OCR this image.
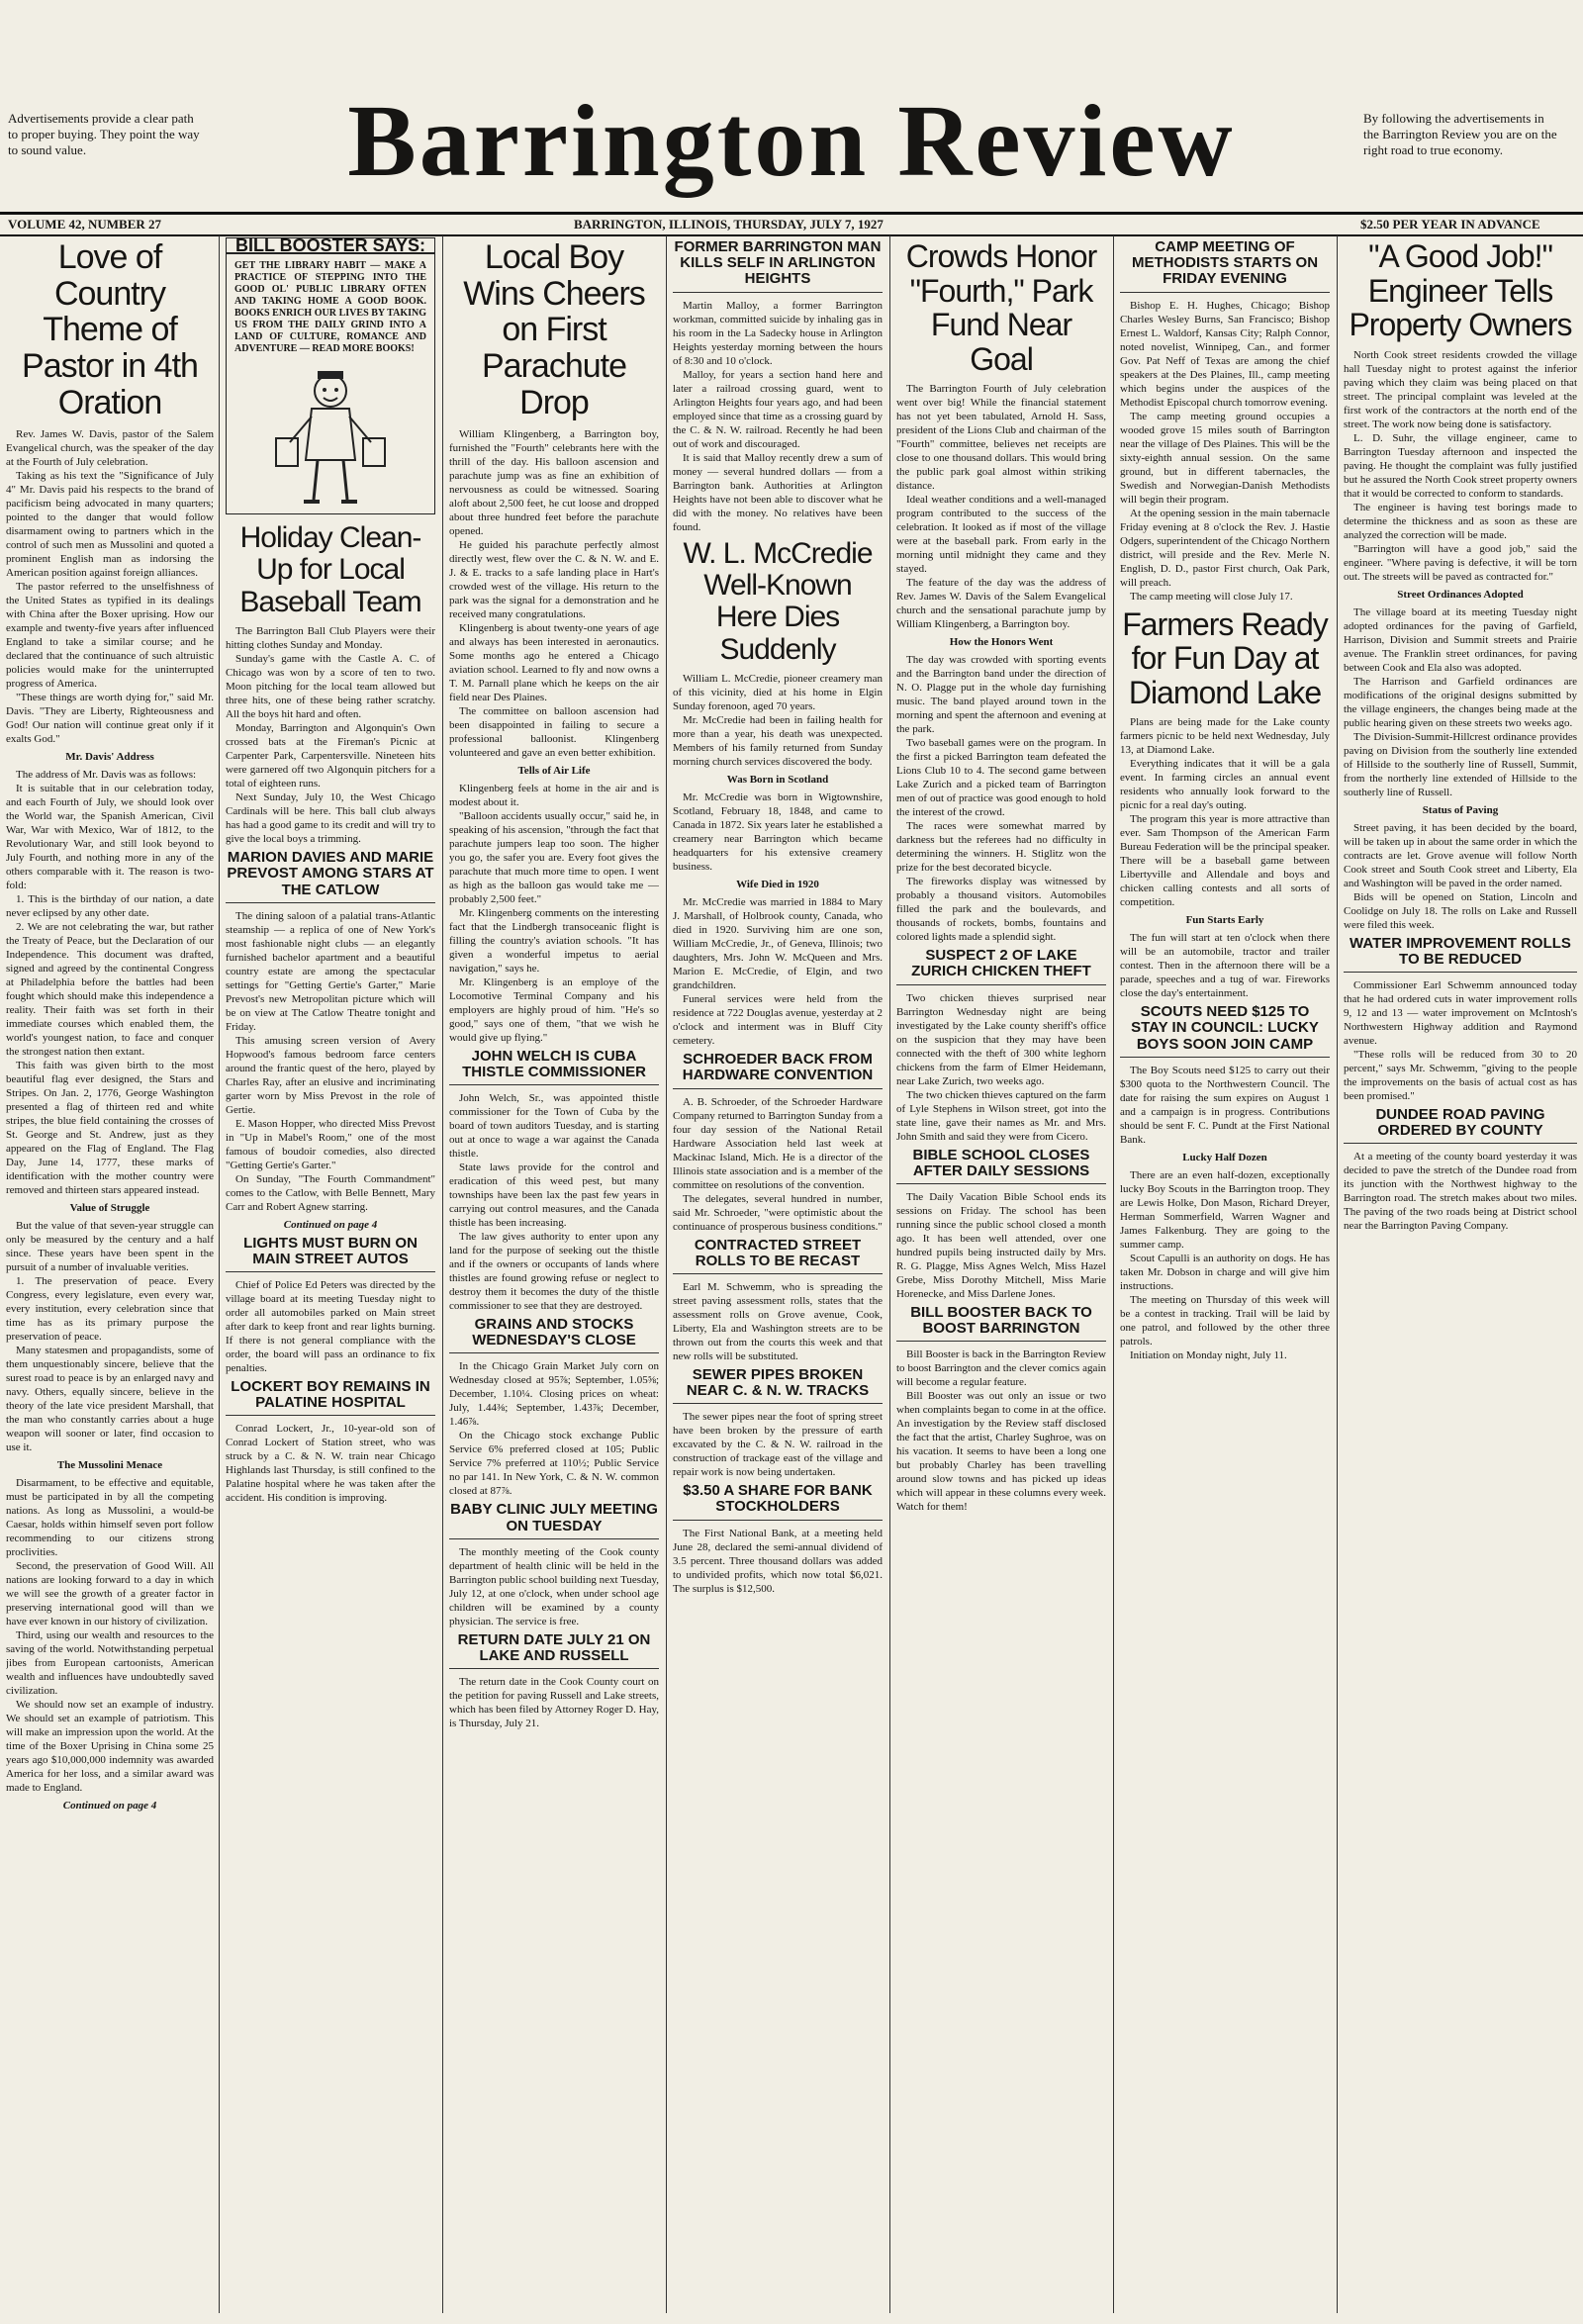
Advertisements provide a clear path to proper buying. They point the way to sound value.	Barrington Review	By following the advertisements in the Barrington Review you are on the right road to true economy.
VOLUME 42, NUMBER 27	BARRINGTON, ILLINOIS, THURSDAY, JULY 7, 1927	$2.50 PER YEAR IN ADVANCE
Love of Country Theme of Pastor in 4th Oration

Rev. James W. Davis, pastor of the Salem Evangelical church, was the speaker of the day at the Fourth of July celebration.

Taking as his text the "Significance of July 4" Mr. Davis paid his respects to the brand of pacificism being advocated in many quarters; pointed to the danger that would follow disarmament owing to partners which in the control of such men as Mussolini and quoted a prominent English man as indorsing the American position against foreign alliances.

The pastor referred to the unselfishness of the United States as typified in its dealings with China after the Boxer uprising. How our example and twenty-five years after influenced England to take a similar course; and he declared that the continuance of such altruistic policies would make for the uninterrupted progress of America.

"These things are worth dying for," said Mr. Davis. "They are Liberty, Righteousness and God! Our nation will continue great only if it exalts God."

Mr. Davis' Address

The address of Mr. Davis was as follows:

It is suitable that in our celebration today, and each Fourth of July, we should look over the World war, the Spanish American, Civil War, War with Mexico, War of 1812, to the Revolutionary War, and still look beyond to July Fourth, and nothing more in any of the others comparable with it. The reason is two-fold:

1. This is the birthday of our nation, a date never eclipsed by any other date.

2. We are not celebrating the war, but rather the Treaty of Peace, but the Declaration of our Independence. This document was drafted, signed and agreed by the continental Congress at Philadelphia before the battles had been fought which should make this independence a reality. Their faith was set forth in their immediate courses which enabled them, the world's youngest nation, to face and conquer the strongest nation then extant.

This faith was given birth to the most beautiful flag ever designed, the Stars and Stripes. On Jan. 2, 1776, George Washington presented a flag of thirteen red and white stripes, the blue field containing the crosses of St. George and St. Andrew, just as they appeared on the Flag of England. The Flag Day, June 14, 1777, these marks of identification with the mother country were removed and thirteen stars appeared instead.

Value of Struggle

But the value of that seven-year struggle can only be measured by the century and a half since. These years have been spent in the pursuit of a number of invaluable verities.

1. The preservation of peace. Every Congress, every legislature, even every war, every institution, every celebration since that time has as its primary purpose the preservation of peace.

Many statesmen and propagandists, some of them unquestionably sincere, believe that the surest road to peace is by an enlarged navy and navy. Others, equally sincere, believe in the theory of the late vice president Marshall, that the man who constantly carries about a huge weapon will sooner or later, find occasion to use it.

The Mussolini Menace

Disarmament, to be effective and equitable, must be participated in by all the competing nations. As long as Mussolini, a would-be Caesar, holds within himself seven port follow recommending to our citizens strong proclivities.

Second, the preservation of Good Will. All nations are looking forward to a day in which we will see the growth of a greater factor in preserving international good will than we have ever known in our history of civilization.

Third, using our wealth and resources to the saving of the world. Notwithstanding perpetual jibes from European cartoonists, American wealth and influences have undoubtedly saved civilization.

We should now set an example of industry. We should set an example of patriotism. This will make an impression upon the world. At the time of the Boxer Uprising in China some 25 years ago $10,000,000 indemnity was awarded America for her loss, and a similar award was made to England.

Continued on page 4
BILL BOOSTER SAYS:
GET THE LIBRARY HABIT — MAKE A PRACTICE OF STEPPING INTO THE GOOD OL' PUBLIC LIBRARY OFTEN AND TAKING HOME A GOOD BOOK. BOOKS ENRICH OUR LIVES BY TAKING US FROM THE DAILY GRIND INTO A LAND OF CULTURE, ROMANCE AND ADVENTURE — READ MORE BOOKS!
Holiday Clean-Up for Local Baseball Team

The Barrington Ball Club Players were their hitting clothes Sunday and Monday.

Sunday's game with the Castle A. C. of Chicago was won by a score of ten to two. Moon pitching for the local team allowed but three hits, one of these being rather scratchy. All the boys hit hard and often.

Monday, Barrington and Algonquin's Own crossed bats at the Fireman's Picnic at Carpenter Park, Carpentersville. Nineteen hits were garnered off two Algonquin pitchers for a total of eighteen runs.

Next Sunday, July 10, the West Chicago Cardinals will be here. This ball club always has had a good game to its credit and will try to give the local boys a trimming.

MARION DAVIES AND MARIE PREVOST AMONG STARS AT THE CATLOW

The dining saloon of a palatial trans-Atlantic steamship — a replica of one of New York's most fashionable night clubs — an elegantly furnished bachelor apartment and a beautiful country estate are among the spectacular settings for "Getting Gertie's Garter," Marie Prevost's new Metropolitan picture which will be on view at The Catlow Theatre tonight and Friday.

This amusing screen version of Avery Hopwood's famous bedroom farce centers around the frantic quest of the hero, played by Charles Ray, after an elusive and incriminating garter worn by Miss Prevost in the role of Gertie.

E. Mason Hopper, who directed Miss Prevost in "Up in Mabel's Room," one of the most famous of boudoir comedies, also directed "Getting Gertie's Garter."

On Sunday, "The Fourth Commandment" comes to the Catlow, with Belle Bennett, Mary Carr and Robert Agnew starring.

Continued on page 4
LIGHTS MUST BURN ON MAIN STREET AUTOS

Chief of Police Ed Peters was directed by the village board at its meeting Tuesday night to order all automobiles parked on Main street after dark to keep front and rear lights burning. If there is not general compliance with the order, the board will pass an ordinance to fix penalties.

LOCKERT BOY REMAINS IN PALATINE HOSPITAL

Conrad Lockert, Jr., 10-year-old son of Conrad Lockert of Station street, who was struck by a C. & N. W. train near Chicago Highlands last Thursday, is still confined to the Palatine hospital where he was taken after the accident. His condition is improving.

Local Boy Wins Cheers on First Parachute Drop

William Klingenberg, a Barrington boy, furnished the "Fourth" celebrants here with the thrill of the day. His balloon ascension and parachute jump was as fine an exhibition of nervousness as could be witnessed. Soaring aloft about 2,500 feet, he cut loose and dropped about three hundred feet before the parachute opened.

He guided his parachute perfectly almost directly west, flew over the C. & N. W. and E. J. & E. tracks to a safe landing place in Hart's crowded west of the village. His return to the park was the signal for a demonstration and he received many congratulations.

Klingenberg is about twenty-one years of age and always has been interested in aeronautics. Some months ago he entered a Chicago aviation school. Learned to fly and now owns a T. M. Parnall plane which he keeps on the air field near Des Plaines.

The committee on balloon ascension had been disappointed in failing to secure a professional balloonist. Klingenberg volunteered and gave an even better exhibition.

Tells of Air Life

Klingenberg feels at home in the air and is modest about it.

"Balloon accidents usually occur," said he, in speaking of his ascension, "through the fact that parachute jumpers leap too soon. The higher you go, the safer you are. Every foot gives the parachute that much more time to open. I went as high as the balloon gas would take me — probably 2,500 feet."

Mr. Klingenberg comments on the interesting fact that the Lindbergh transoceanic flight is filling the country's aviation schools. "It has given a wonderful impetus to aerial navigation," says he.

Mr. Klingenberg is an employe of the Locomotive Terminal Company and his employers are highly proud of him. "He's so good," says one of them, "that we wish he would give up flying."

JOHN WELCH IS CUBA THISTLE COMMISSIONER

John Welch, Sr., was appointed thistle commissioner for the Town of Cuba by the board of town auditors Tuesday, and is starting out at once to wage a war against the Canada thistle.

State laws provide for the control and eradication of this weed pest, but many townships have been lax the past few years in carrying out control measures, and the Canada thistle has been increasing.

The law gives authority to enter upon any land for the purpose of seeking out the thistle and if the owners or occupants of lands where thistles are found growing refuse or neglect to destroy them it becomes the duty of the thistle commissioner to see that they are destroyed.

GRAINS AND STOCKS WEDNESDAY'S CLOSE

In the Chicago Grain Market July corn on Wednesday closed at 95⅞; September, 1.05⅝; December, 1.10¼. Closing prices on wheat: July, 1.44⅜; September, 1.43⅞; December, 1.46⅞.

On the Chicago stock exchange Public Service 6% preferred closed at 105; Public Service 7% preferred at 110½; Public Service no par 141. In New York, C. & N. W. common closed at 87⅞.

BABY CLINIC JULY MEETING ON TUESDAY

The monthly meeting of the Cook county department of health clinic will be held in the Barrington public school building next Tuesday, July 12, at one o'clock, when under school age children will be examined by a county physician. The service is free.

RETURN DATE JULY 21 ON LAKE AND RUSSELL

The return date in the Cook County court on the petition for paving Russell and Lake streets, which has been filed by Attorney Roger D. Hay, is Thursday, July 21.

FORMER BARRINGTON MAN KILLS SELF IN ARLINGTON HEIGHTS

Martin Malloy, a former Barrington workman, committed suicide by inhaling gas in his room in the La Sadecky house in Arlington Heights yesterday morning between the hours of 8:30 and 10 o'clock.

Malloy, for years a section hand here and later a railroad crossing guard, went to Arlington Heights four years ago, and had been employed since that time as a crossing guard by the C. & N. W. railroad. Recently he had been out of work and discouraged.

It is said that Malloy recently drew a sum of money — several hundred dollars — from a Barrington bank. Authorities at Arlington Heights have not been able to discover what he did with the money. No relatives have been found.

W. L. McCredie Well-Known Here Dies Suddenly

William L. McCredie, pioneer creamery man of this vicinity, died at his home in Elgin Sunday forenoon, aged 70 years.

Mr. McCredie had been in failing health for more than a year, his death was unexpected. Members of his family returned from Sunday morning church services discovered the body.

Was Born in Scotland

Mr. McCredie was born in Wigtownshire, Scotland, February 18, 1848, and came to Canada in 1872. Six years later he established a creamery near Barrington which became headquarters for his extensive creamery business.

Wife Died in 1920

Mr. McCredie was married in 1884 to Mary J. Marshall, of Holbrook county, Canada, who died in 1920. Surviving him are one son, William McCredie, Jr., of Geneva, Illinois; two daughters, Mrs. John W. McQueen and Mrs. Marion E. McCredie, of Elgin, and two grandchildren.

Funeral services were held from the residence at 722 Douglas avenue, yesterday at 2 o'clock and interment was in Bluff City cemetery.

SCHROEDER BACK FROM HARDWARE CONVENTION

A. B. Schroeder, of the Schroeder Hardware Company returned to Barrington Sunday from a four day session of the National Retail Hardware Association held last week at Mackinac Island, Mich. He is a director of the Illinois state association and is a member of the committee on resolutions of the convention.

The delegates, several hundred in number, said Mr. Schroeder, "were optimistic about the continuance of prosperous business conditions."

CONTRACTED STREET ROLLS TO BE RECAST

Earl M. Schwemm, who is spreading the street paving assessment rolls, states that the assessment rolls on Grove avenue, Cook, Liberty, Ela and Washington streets are to be thrown out from the courts this week and that new rolls will be substituted.

SEWER PIPES BROKEN NEAR C. & N. W. TRACKS

The sewer pipes near the foot of spring street have been broken by the pressure of earth excavated by the C. & N. W. railroad in the construction of trackage east of the village and repair work is now being undertaken.

$3.50 A SHARE FOR BANK STOCKHOLDERS

The First National Bank, at a meeting held June 28, declared the semi-annual dividend of 3.5 percent. Three thousand dollars was added to undivided profits, which now total $6,021. The surplus is $12,500.

Crowds Honor "Fourth," Park Fund Near Goal

The Barrington Fourth of July celebration went over big! While the financial statement has not yet been tabulated, Arnold H. Sass, president of the Lions Club and chairman of the "Fourth" committee, believes net receipts are close to one thousand dollars. This would bring the public park goal almost within striking distance.

Ideal weather conditions and a well-managed program contributed to the success of the celebration. It looked as if most of the village were at the baseball park. From early in the morning until midnight they came and they stayed.

The feature of the day was the address of Rev. James W. Davis of the Salem Evangelical church and the sensational parachute jump by William Klingenberg, a Barrington boy.

How the Honors Went

The day was crowded with sporting events and the Barrington band under the direction of N. O. Plagge put in the whole day furnishing music. The band played around town in the morning and spent the afternoon and evening at the park.

Two baseball games were on the program. In the first a picked Barrington team defeated the Lions Club 10 to 4. The second game between Lake Zurich and a picked team of Barrington men of out of practice was good enough to hold the interest of the crowd.

The races were somewhat marred by darkness but the referees had no difficulty in determining the winners. H. Stiglitz won the prize for the best decorated bicycle.

The fireworks display was witnessed by probably a thousand visitors. Automobiles filled the park and the boulevards, and thousands of rockets, bombs, fountains and colored lights made a splendid sight.

SUSPECT 2 OF LAKE ZURICH CHICKEN THEFT

Two chicken thieves surprised near Barrington Wednesday night are being investigated by the Lake county sheriff's office on the suspicion that they may have been connected with the theft of 300 white leghorn chickens from the farm of Elmer Heidemann, near Lake Zurich, two weeks ago.

The two chicken thieves captured on the farm of Lyle Stephens in Wilson street, got into the state line, gave their names as Mr. and Mrs. John Smith and said they were from Cicero.

BIBLE SCHOOL CLOSES AFTER DAILY SESSIONS

The Daily Vacation Bible School ends its sessions on Friday. The school has been running since the public school closed a month ago. It has been well attended, over one hundred pupils being instructed daily by Mrs. R. G. Plagge, Miss Agnes Welch, Miss Hazel Grebe, Miss Dorothy Mitchell, Miss Marie Horenecke, and Miss Darlene Jones.

BILL BOOSTER BACK TO BOOST BARRINGTON

Bill Booster is back in the Barrington Review to boost Barrington and the clever comics again will become a regular feature.

Bill Booster was out only an issue or two when complaints began to come in at the office. An investigation by the Review staff disclosed the fact that the artist, Charley Sughroe, was on his vacation. It seems to have been a long one but probably Charley has been travelling around slow towns and has picked up ideas which will appear in these columns every week. Watch for them!

CAMP MEETING OF METHODISTS STARTS ON FRIDAY EVENING

Bishop E. H. Hughes, Chicago; Bishop Charles Wesley Burns, San Francisco; Bishop Ernest L. Waldorf, Kansas City; Ralph Connor, noted novelist, Winnipeg, Can., and former Gov. Pat Neff of Texas are among the chief speakers at the Des Plaines, Ill., camp meeting which begins under the auspices of the Methodist Episcopal church tomorrow evening.

The camp meeting ground occupies a wooded grove 15 miles south of Barrington near the village of Des Plaines. This will be the sixty-eighth annual session. On the same ground, but in different tabernacles, the Swedish and Norwegian-Danish Methodists will begin their program.

At the opening session in the main tabernacle Friday evening at 8 o'clock the Rev. J. Hastie Odgers, superintendent of the Chicago Northern district, will preside and the Rev. Merle N. English, D. D., pastor First church, Oak Park, will preach.

The camp meeting will close July 17.

Farmers Ready for Fun Day at Diamond Lake

Plans are being made for the Lake county farmers picnic to be held next Wednesday, July 13, at Diamond Lake.

Everything indicates that it will be a gala event. In farming circles an annual event residents who annually look forward to the picnic for a real day's outing.

The program this year is more attractive than ever. Sam Thompson of the American Farm Bureau Federation will be the principal speaker. There will be a baseball game between Libertyville and Allendale and boys and chicken calling contests and all sorts of competition.

Fun Starts Early

The fun will start at ten o'clock when there will be an automobile, tractor and trailer contest. Then in the afternoon there will be a parade, speeches and a tug of war. Fireworks close the day's entertainment.

SCOUTS NEED $125 TO STAY IN COUNCIL: LUCKY BOYS SOON JOIN CAMP

The Boy Scouts need $125 to carry out their $300 quota to the Northwestern Council. The date for raising the sum expires on August 1 and a campaign is in progress. Contributions should be sent F. C. Pundt at the First National Bank.

Lucky Half Dozen

There are an even half-dozen, exceptionally lucky Boy Scouts in the Barrington troop. They are Lewis Holke, Don Mason, Richard Dreyer, Herman Sommerfield, Warren Wagner and James Falkenburg. They are going to the summer camp.

Scout Capulli is an authority on dogs. He has taken Mr. Dobson in charge and will give him instructions.

The meeting on Thursday of this week will be a contest in tracking. Trail will be laid by one patrol, and followed by the other three patrols.

Initiation on Monday night, July 11.

"A Good Job!" Engineer Tells Property Owners

North Cook street residents crowded the village hall Tuesday night to protest against the inferior paving which they claim was being placed on that street. The principal complaint was leveled at the first work of the contractors at the north end of the street. The work now being done is satisfactory.

L. D. Suhr, the village engineer, came to Barrington Tuesday afternoon and inspected the paving. He thought the complaint was fully justified but he assured the North Cook street property owners that it would be corrected to conform to standards.

The engineer is having test borings made to determine the thickness and as soon as these are analyzed the correction will be made.

"Barrington will have a good job," said the engineer. "Where paving is defective, it will be torn out. The streets will be paved as contracted for."

Street Ordinances Adopted

The village board at its meeting Tuesday night adopted ordinances for the paving of Garfield, Harrison, Division and Summit streets and Prairie avenue. The Franklin street ordinances, for paving between Cook and Ela also was adopted.

The Harrison and Garfield ordinances are modifications of the original designs submitted by the village engineers, the changes being made at the public hearing given on these streets two weeks ago.

The Division-Summit-Hillcrest ordinance provides paving on Division from the southerly line extended of Hillside to the southerly line of Russell, Summit, from the northerly line extended of Hillside to the southerly line of Russell.

Status of Paving

Street paving, it has been decided by the board, will be taken up in about the same order in which the contracts are let. Grove avenue will follow North Cook street and South Cook street and Liberty, Ela and Washington will be paved in the order named.

Bids will be opened on Station, Lincoln and Coolidge on July 18. The rolls on Lake and Russell were filed this week.

WATER IMPROVEMENT ROLLS TO BE REDUCED

Commissioner Earl Schwemm announced today that he had ordered cuts in water improvement rolls 9, 12 and 13 — water improvement on McIntosh's Northwestern Highway addition and Raymond avenue.

"These rolls will be reduced from 30 to 20 percent," says Mr. Schwemm, "giving to the people the improvements on the basis of actual cost as has been promised."

DUNDEE ROAD PAVING ORDERED BY COUNTY

At a meeting of the county board yesterday it was decided to pave the stretch of the Dundee road from its junction with the Northwest highway to the Barrington road. The stretch makes about two miles. The paving of the two roads being at District school near the Barrington Paving Company.
